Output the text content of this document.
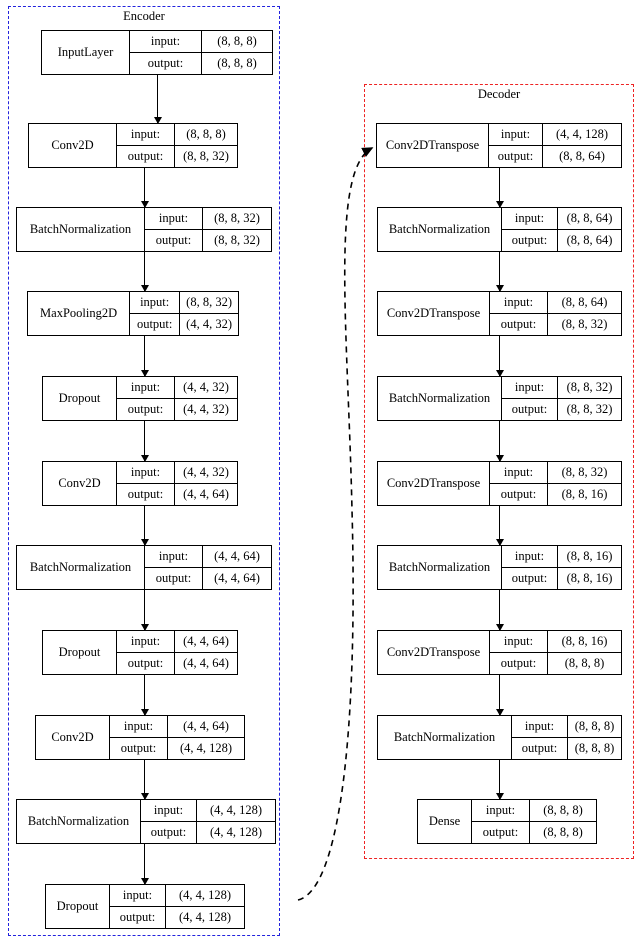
Encoder
Decoder
InputLayer
input:	(8, 8, 8)
output:	(8, 8, 8)
Conv2D
input:	(8, 8, 8)
output:	(8, 8, 32)
BatchNormalization
input:	(8, 8, 32)
output:	(8, 8, 32)
MaxPooling2D
input:	(8, 8, 32)
output:	(4, 4, 32)
Dropout
input:	(4, 4, 32)
output:	(4, 4, 32)
Conv2D
input:	(4, 4, 32)
output:	(4, 4, 64)
BatchNormalization
input:	(4, 4, 64)
output:	(4, 4, 64)
Dropout
input:	(4, 4, 64)
output:	(4, 4, 64)
Conv2D
input:	(4, 4, 64)
output:	(4, 4, 128)
BatchNormalization
input:	(4, 4, 128)
output:	(4, 4, 128)
Dropout
input:	(4, 4, 128)
output:	(4, 4, 128)
Conv2DTranspose
input:	(4, 4, 128)
output:	(8, 8, 64)
BatchNormalization
input:	(8, 8, 64)
output:	(8, 8, 64)
Conv2DTranspose
input:	(8, 8, 64)
output:	(8, 8, 32)
BatchNormalization
input:	(8, 8, 32)
output:	(8, 8, 32)
Conv2DTranspose
input:	(8, 8, 32)
output:	(8, 8, 16)
BatchNormalization
input:	(8, 8, 16)
output:	(8, 8, 16)
Conv2DTranspose
input:	(8, 8, 16)
output:	(8, 8, 8)
BatchNormalization
input:	(8, 8, 8)
output:	(8, 8, 8)
Dense
input:	(8, 8, 8)
output:	(8, 8, 8)
